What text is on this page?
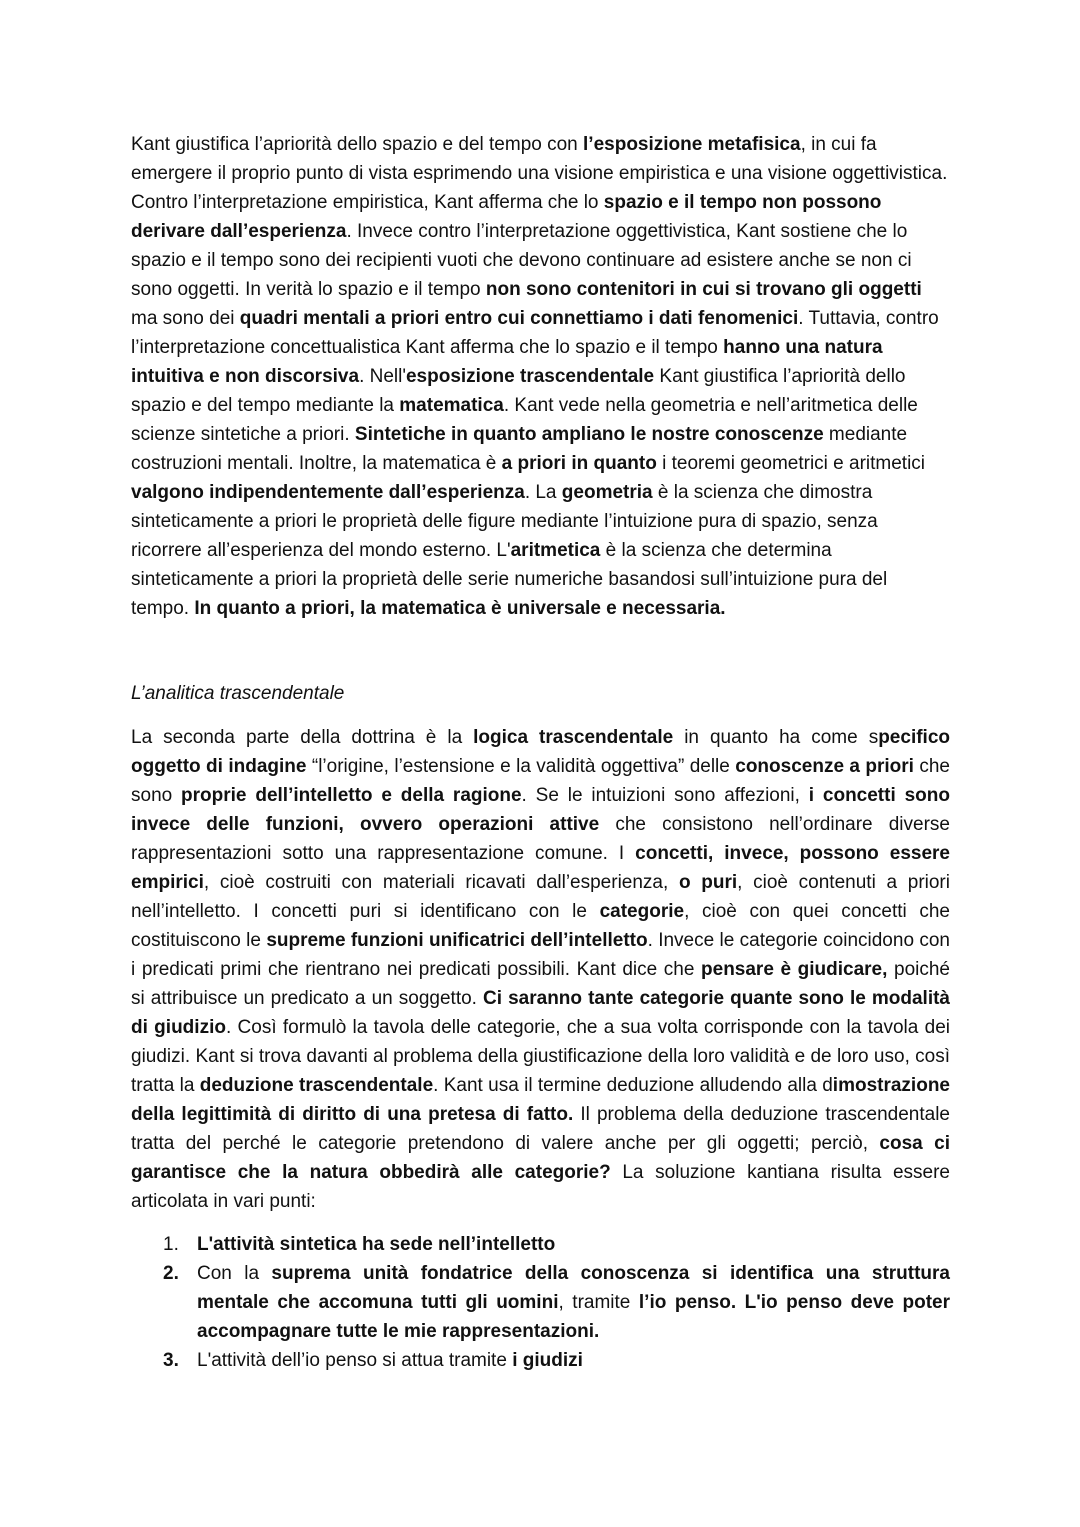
Kant giustifica l’apriorità dello spazio e del tempo con l’esposizione metafisica, in cui fa emergere il proprio punto di vista esprimendo una visione empiristica e una visione oggettivistica. Contro l’interpretazione empiristica, Kant afferma che lo spazio e il tempo non possono derivare dall’esperienza. Invece contro l’interpretazione oggettivistica, Kant sostiene che lo spazio e il tempo sono dei recipienti vuoti che devono continuare ad esistere anche se non ci sono oggetti. In verità lo spazio e il tempo non sono contenitori in cui si trovano gli oggetti ma sono dei quadri mentali a priori entro cui connettiamo i dati fenomenici. Tuttavia, contro l’interpretazione concettualistica Kant afferma che lo spazio e il tempo hanno una natura intuitiva e non discorsiva. Nell'esposizione trascendentale Kant giustifica l’apriorità dello spazio e del tempo mediante la matematica. Kant vede nella geometria e nell’aritmetica delle scienze sintetiche a priori. Sintetiche in quanto ampliano le nostre conoscenze mediante costruzioni mentali. Inoltre, la matematica è a priori in quanto i teoremi geometrici e aritmetici valgono indipendentemente dall’esperienza. La geometria è la scienza che dimostra sinteticamente a priori le proprietà delle figure mediante l’intuizione pura di spazio, senza ricorrere all’esperienza del mondo esterno. L'aritmetica è la scienza che determina sinteticamente a priori la proprietà delle serie numeriche basandosi sull’intuizione pura del tempo. In quanto a priori, la matematica è universale e necessaria.

L’analitica trascendentale

La seconda parte della dottrina è la logica trascendentale in quanto ha come specifico oggetto di indagine “l’origine, l’estensione e la validità oggettiva” delle conoscenze a priori che sono proprie dell’intelletto e della ragione. Se le intuizioni sono affezioni, i concetti sono invece delle funzioni, ovvero operazioni attive che consistono nell’ordinare diverse rappresentazioni sotto una rappresentazione comune. I concetti, invece, possono essere empirici, cioè costruiti con materiali ricavati dall’esperienza, o puri, cioè contenuti a priori nell’intelletto. I concetti puri si identificano con le categorie, cioè con quei concetti che costituiscono le supreme funzioni unificatrici dell’intelletto. Invece le categorie coincidono con i predicati primi che rientrano nei predicati possibili. Kant dice che pensare è giudicare, poiché si attribuisce un predicato a un soggetto. Ci saranno tante categorie quante sono le modalità di giudizio. Così formulò la tavola delle categorie, che a sua volta corrisponde con la tavola dei giudizi. Kant si trova davanti al problema della giustificazione della loro validità e de loro uso, così tratta la deduzione trascendentale. Kant usa il termine deduzione alludendo alla dimostrazione della legittimità di diritto di una pretesa di fatto. Il problema della deduzione trascendentale tratta del perché le categorie pretendono di valere anche per gli oggetti; perciò, cosa ci garantisce che la natura obbedirà alle categorie? La soluzione kantiana risulta essere articolata in vari punti:

1. L'attività sintetica ha sede nell’intelletto
2. Con la suprema unità fondatrice della conoscenza si identifica una struttura mentale che accomuna tutti gli uomini, tramite l’io penso. L'io penso deve poter accompagnare tutte le mie rappresentazioni.
3. L'attività dell’io penso si attua tramite i giudizi
